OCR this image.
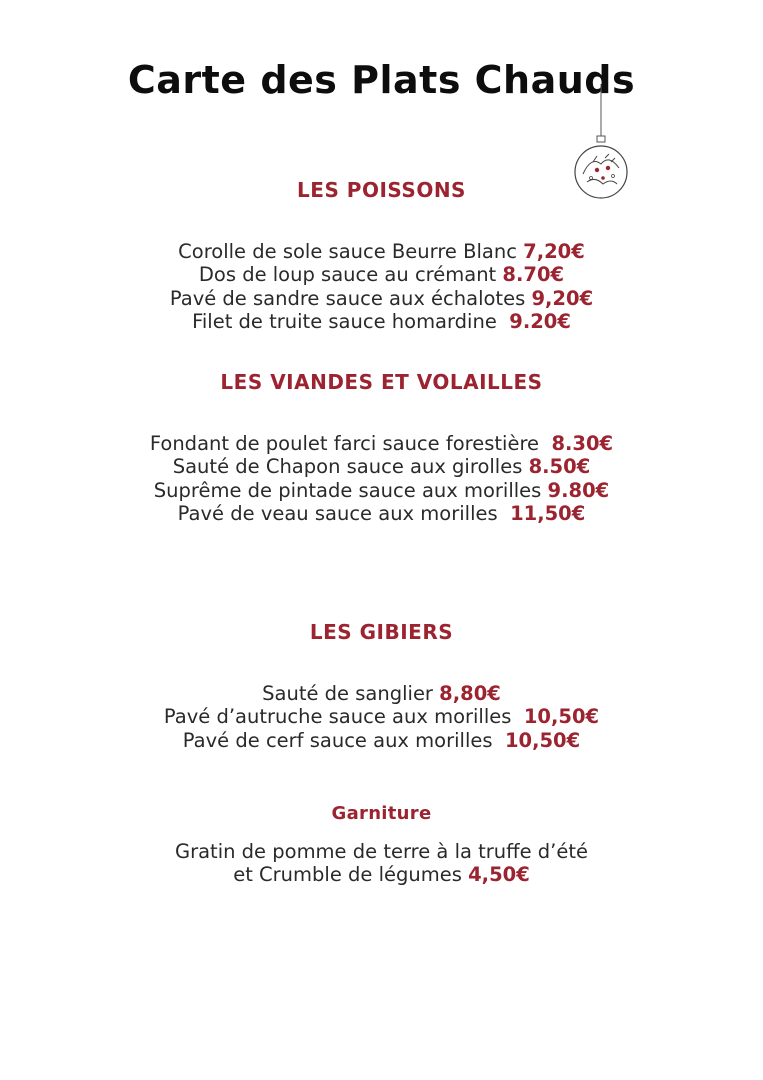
Carte des Plats Chauds
LES POISSONS
Corolle de sole sauce Beurre Blanc 7,20€
Dos de loup sauce au crémant 8.70€
Pavé de sandre sauce aux échalotes 9,20€
Filet de truite sauce homardine 9.20€
LES VIANDES ET VOLAILLES
Fondant de poulet farci sauce forestière 8.30€
Sauté de Chapon sauce aux girolles 8.50€
Suprême de pintade sauce aux morilles 9.80€
Pavé de veau sauce aux morilles 11,50€
LES GIBIERS
Sauté de sanglier 8,80€
Pavé d’autruche sauce aux morilles 10,50€
Pavé de cerf sauce aux morilles 10,50€
Garniture
Gratin de pomme de terre à la truffe d’été
et Crumble de légumes 4,50€
